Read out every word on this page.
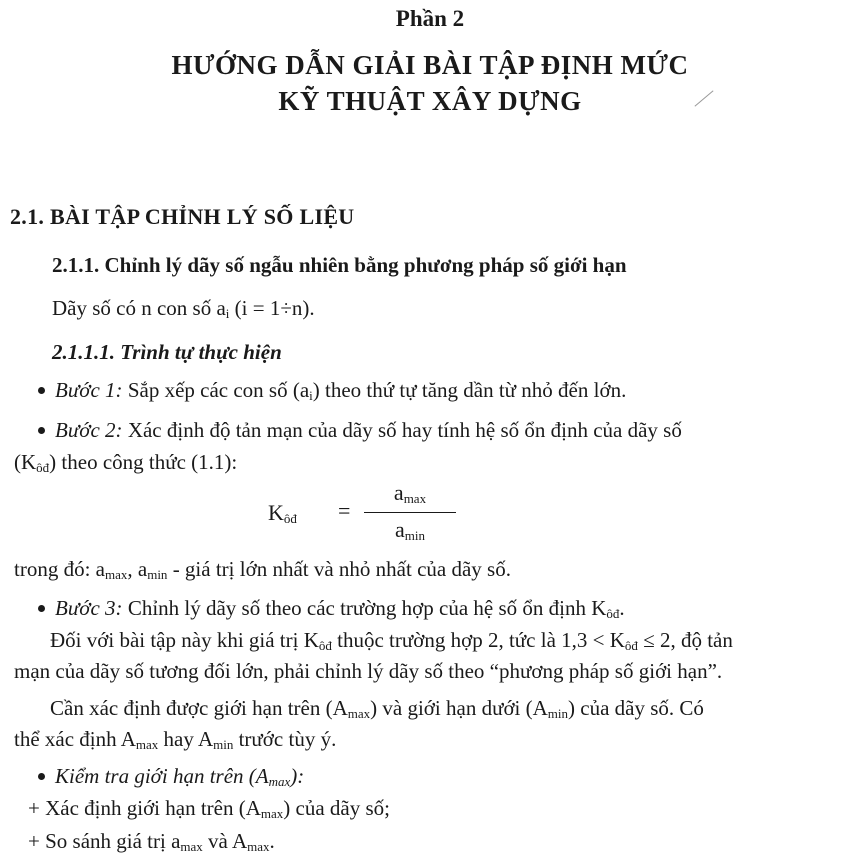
Phần 2
HƯỚNG DẪN GIẢI BÀI TẬP ĐỊNH MỨC
KỸ THUẬT XÂY DỰNG
2.1. BÀI TẬP CHỈNH LÝ SỐ LIỆU
2.1.1. Chỉnh lý dãy số ngẫu nhiên bằng phương pháp số giới hạn
Dãy số có n con số $a_i$ (i = 1÷n).
2.1.1.1. Trình tự thực hiện
Bước 1: Sắp xếp các con số $(a_i)$ theo thứ tự tăng dần từ nhỏ đến lớn.
Bước 2: Xác định độ tản mạn của dãy số hay tính hệ số ổn định của dãy số
$(K_{ôđ})$ theo công thức (1.1):
$K_{ôđ}$ =
$a_{max}$
$a_{min}$
trong đó: $a_{max}$, $a_{min}$ - giá trị lớn nhất và nhỏ nhất của dãy số.
Bước 3: Chỉnh lý dãy số theo các trường hợp của hệ số ổn định $K_{ôđ}$.
Đối với bài tập này khi giá trị $K_{ôđ}$ thuộc trường hợp 2, tức là $1,3 < K_{ôđ} \le 2$, độ tản
mạn của dãy số tương đối lớn, phải chỉnh lý dãy số theo “phương pháp số giới hạn”.
Cần xác định được giới hạn trên $(A_{max})$ và giới hạn dưới $(A_{min})$ của dãy số. Có
thể xác định $A_{max}$ hay $A_{min}$ trước tùy ý.
Kiểm tra giới hạn trên $(A_{max})$:
+ Xác định giới hạn trên $(A_{max})$ của dãy số;
+ So sánh giá trị $a_{max}$ và $A_{max}$.
